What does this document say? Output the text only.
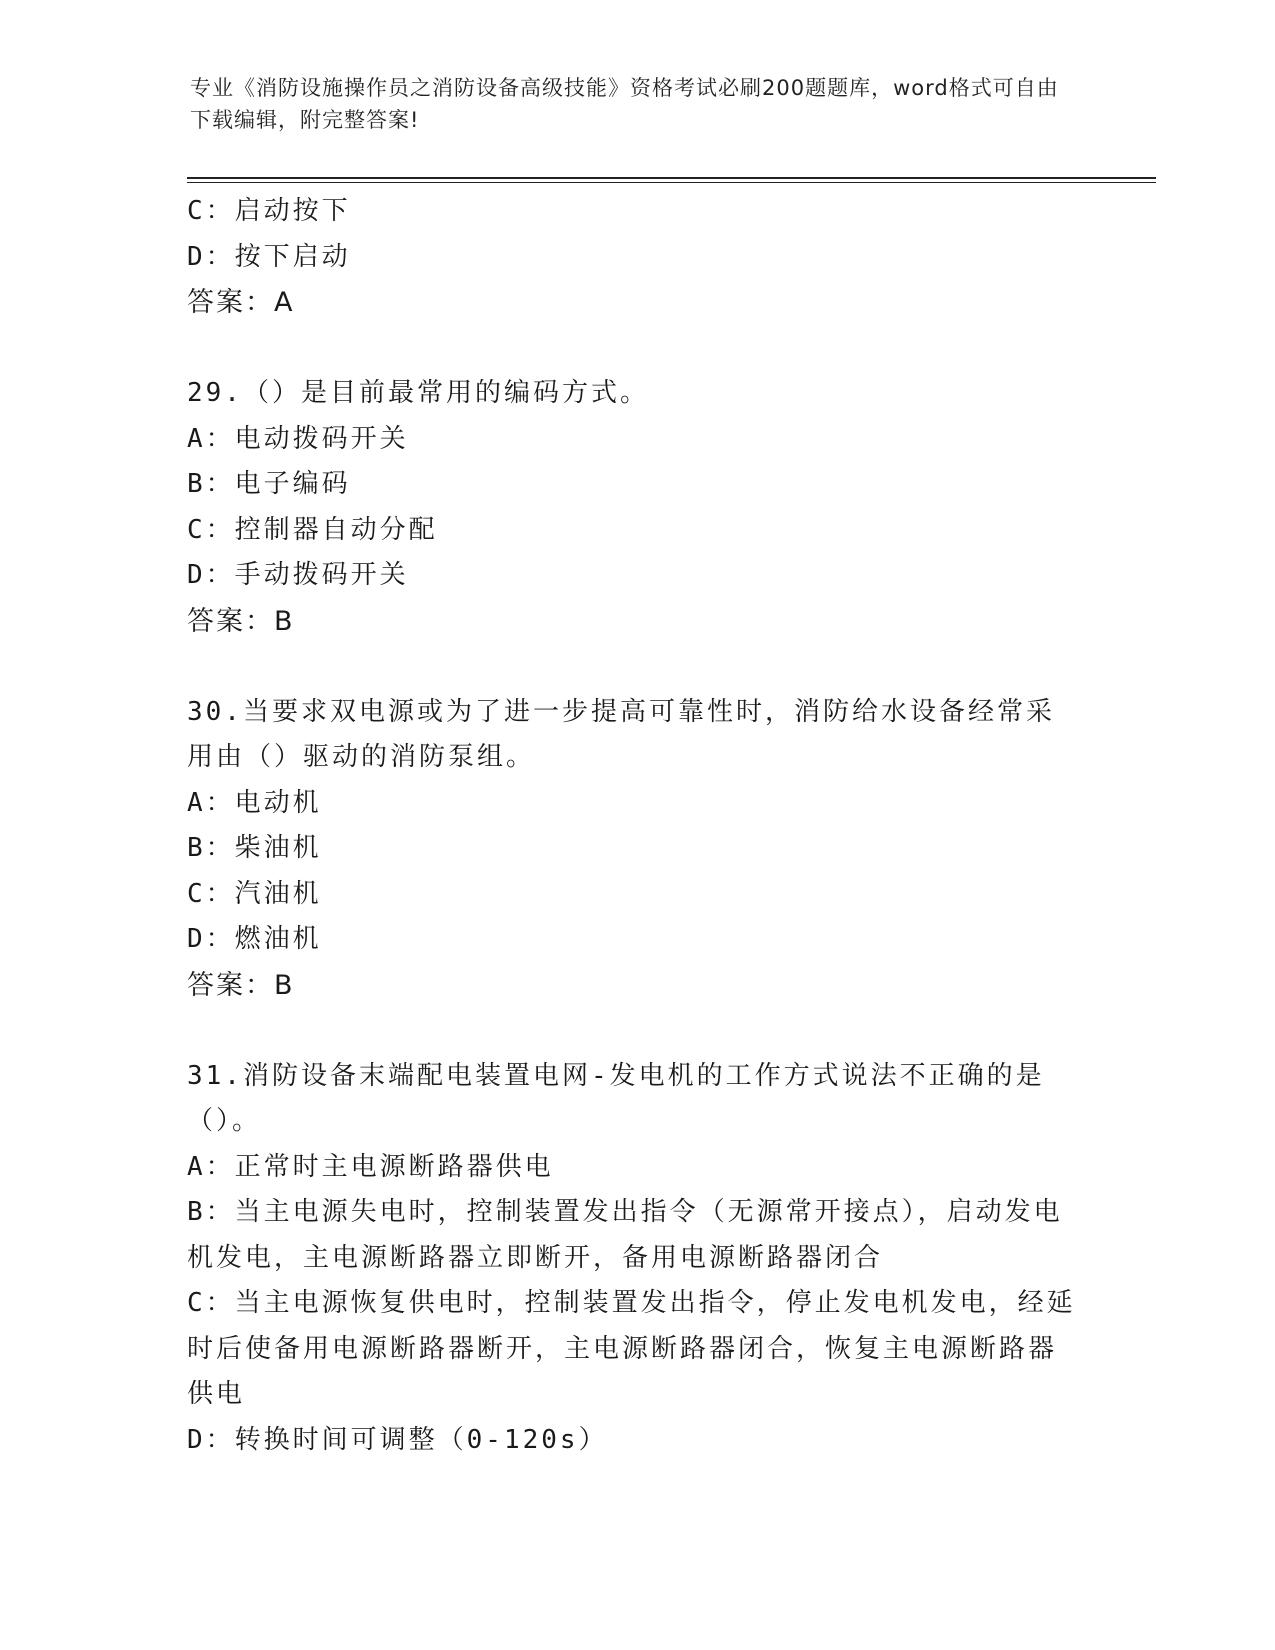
专业《消防设施操作员之消防设备高级技能》资格考试必刷200题题库，word格式可自由下载编辑，附完整答案!
C：启动按下
D：按下启动
答案：A
29.（）是目前最常用的编码方式。
A：电动拨码开关
B：电子编码
C：控制器自动分配
D：手动拨码开关
答案：B
30.当要求双电源或为了进一步提高可靠性时，消防给水设备经常采用由（）驱动的消防泵组。
A：电动机
B：柴油机
C：汽油机
D：燃油机
答案：B
31.消防设备末端配电装置电网-发电机的工作方式说法不正确的是（）。
A：正常时主电源断路器供电
B：当主电源失电时，控制装置发出指令（无源常开接点），启动发电机发电，主电源断路器立即断开，备用电源断路器闭合
C：当主电源恢复供电时，控制装置发出指令，停止发电机发电，经延时后使备用电源断路器断开，主电源断路器闭合，恢复主电源断路器供电
D：转换时间可调整（0-120s）
